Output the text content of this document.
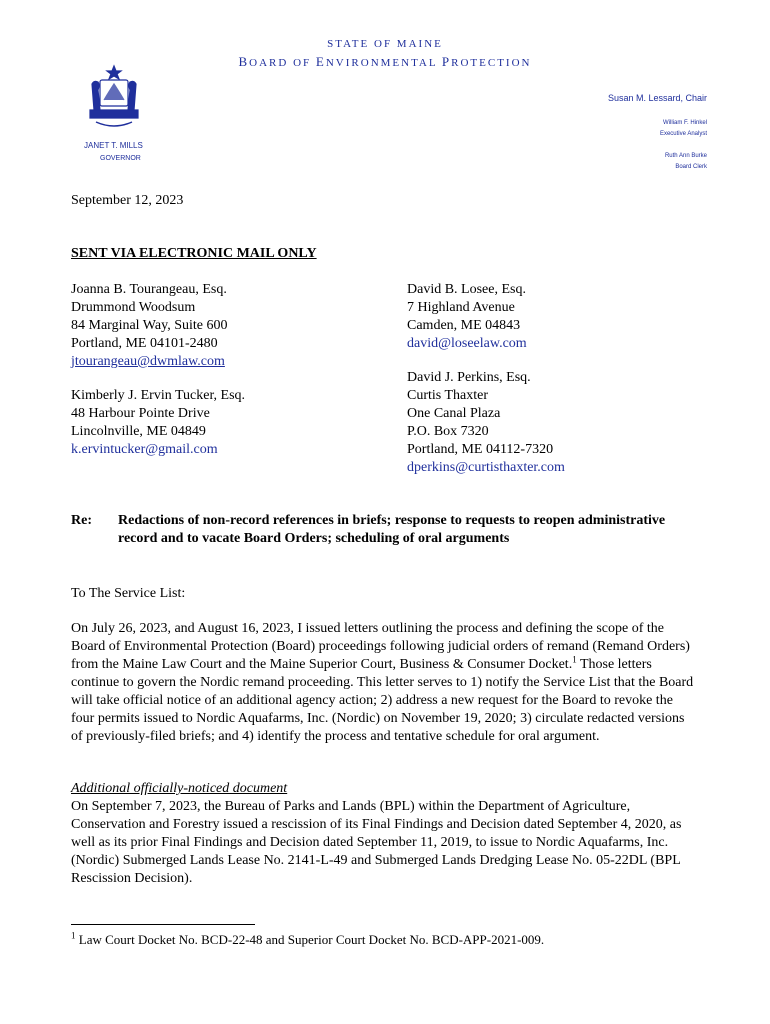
STATE OF MAINE
BOARD OF ENVIRONMENTAL PROTECTION
JANET T. MILLS
GOVERNOR
Susan M. Lessard, Chair
William F. Hinkel
Executive Analyst
Ruth Ann Burke
Board Clerk
September 12, 2023
SENT VIA ELECTRONIC MAIL ONLY
Joanna B. Tourangeau, Esq.
Drummond Woodsum
84 Marginal Way, Suite 600
Portland, ME 04101-2480
jtourangeau@dwmlaw.com
Kimberly J. Ervin Tucker, Esq.
48 Harbour Pointe Drive
Lincolnville, ME 04849
k.ervintucker@gmail.com
David B. Losee, Esq.
7 Highland Avenue
Camden, ME 04843
david@loseelaw.com
David J. Perkins, Esq.
Curtis Thaxter
One Canal Plaza
P.O. Box 7320
Portland, ME 04112-7320
dperkins@curtisthaxter.com
Re: Redactions of non-record references in briefs; response to requests to reopen administrative record and to vacate Board Orders; scheduling of oral arguments
To The Service List:
On July 26, 2023, and August 16, 2023, I issued letters outlining the process and defining the scope of the Board of Environmental Protection (Board) proceedings following judicial orders of remand (Remand Orders) from the Maine Law Court and the Maine Superior Court, Business & Consumer Docket.$^1$ Those letters continue to govern the Nordic remand proceeding. This letter serves to 1) notify the Service List that the Board will take official notice of an additional agency action; 2) address a new request for the Board to revoke the four permits issued to Nordic Aquafarms, Inc. (Nordic) on November 19, 2020; 3) circulate redacted versions of previously-filed briefs; and 4) identify the process and tentative schedule for oral argument.
Additional officially-noticed document
On September 7, 2023, the Bureau of Parks and Lands (BPL) within the Department of Agriculture, Conservation and Forestry issued a rescission of its Final Findings and Decision dated September 4, 2020, as well as its prior Final Findings and Decision dated September 11, 2019, to issue to Nordic Aquafarms, Inc. (Nordic) Submerged Lands Lease No. 2141-L-49 and Submerged Lands Dredging Lease No. 05-22DL (BPL Rescission Decision).
$^1$ Law Court Docket No. BCD-22-48 and Superior Court Docket No. BCD-APP-2021-009.
